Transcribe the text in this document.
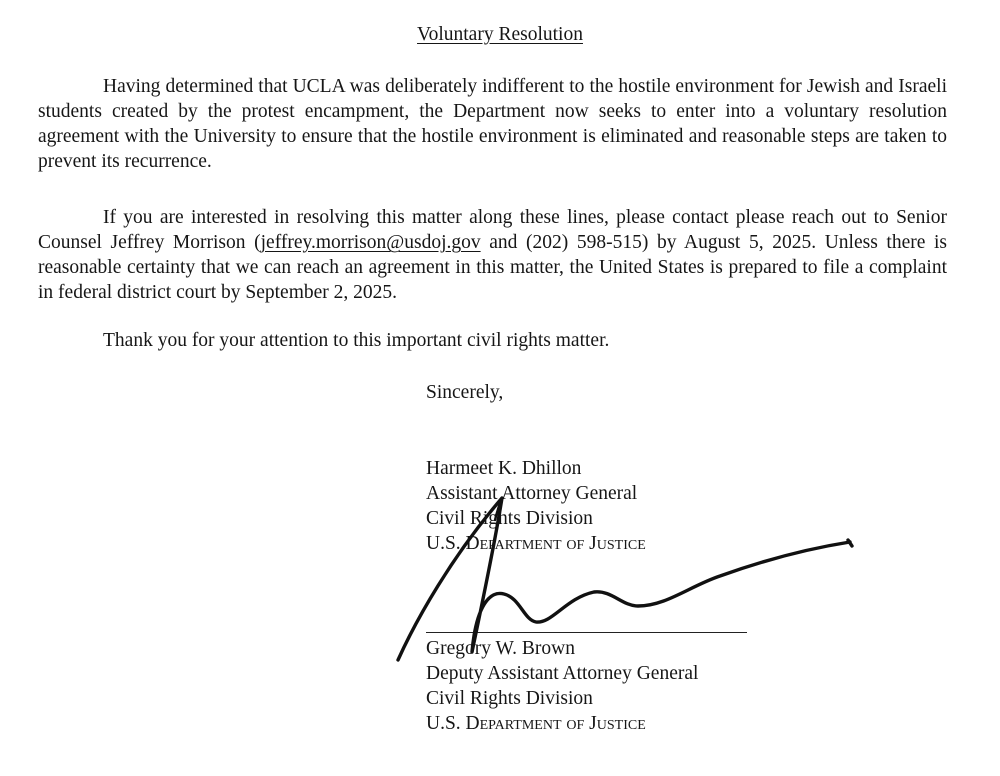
Voluntary Resolution

Having determined that UCLA was deliberately indifferent to the hostile environment for Jewish and Israeli students created by the protest encampment, the Department now seeks to enter into a voluntary resolution agreement with the University to ensure that the hostile environment is eliminated and reasonable steps are taken to prevent its recurrence.

If you are interested in resolving this matter along these lines, please contact please reach out to Senior Counsel Jeffrey Morrison (jeffrey.morrison@usdoj.gov and (202) 598-515) by August 5, 2025. Unless there is reasonable certainty that we can reach an agreement in this matter, the United States is prepared to file a complaint in federal district court by September 2, 2025.

Thank you for your attention to this important civil rights matter.

Sincerely,

Harmeet K. Dhillon
Assistant Attorney General
Civil Rights Division
U.S. Department of Justice
Gregory W. Brown
Deputy Assistant Attorney General
Civil Rights Division
U.S. Department of Justice
